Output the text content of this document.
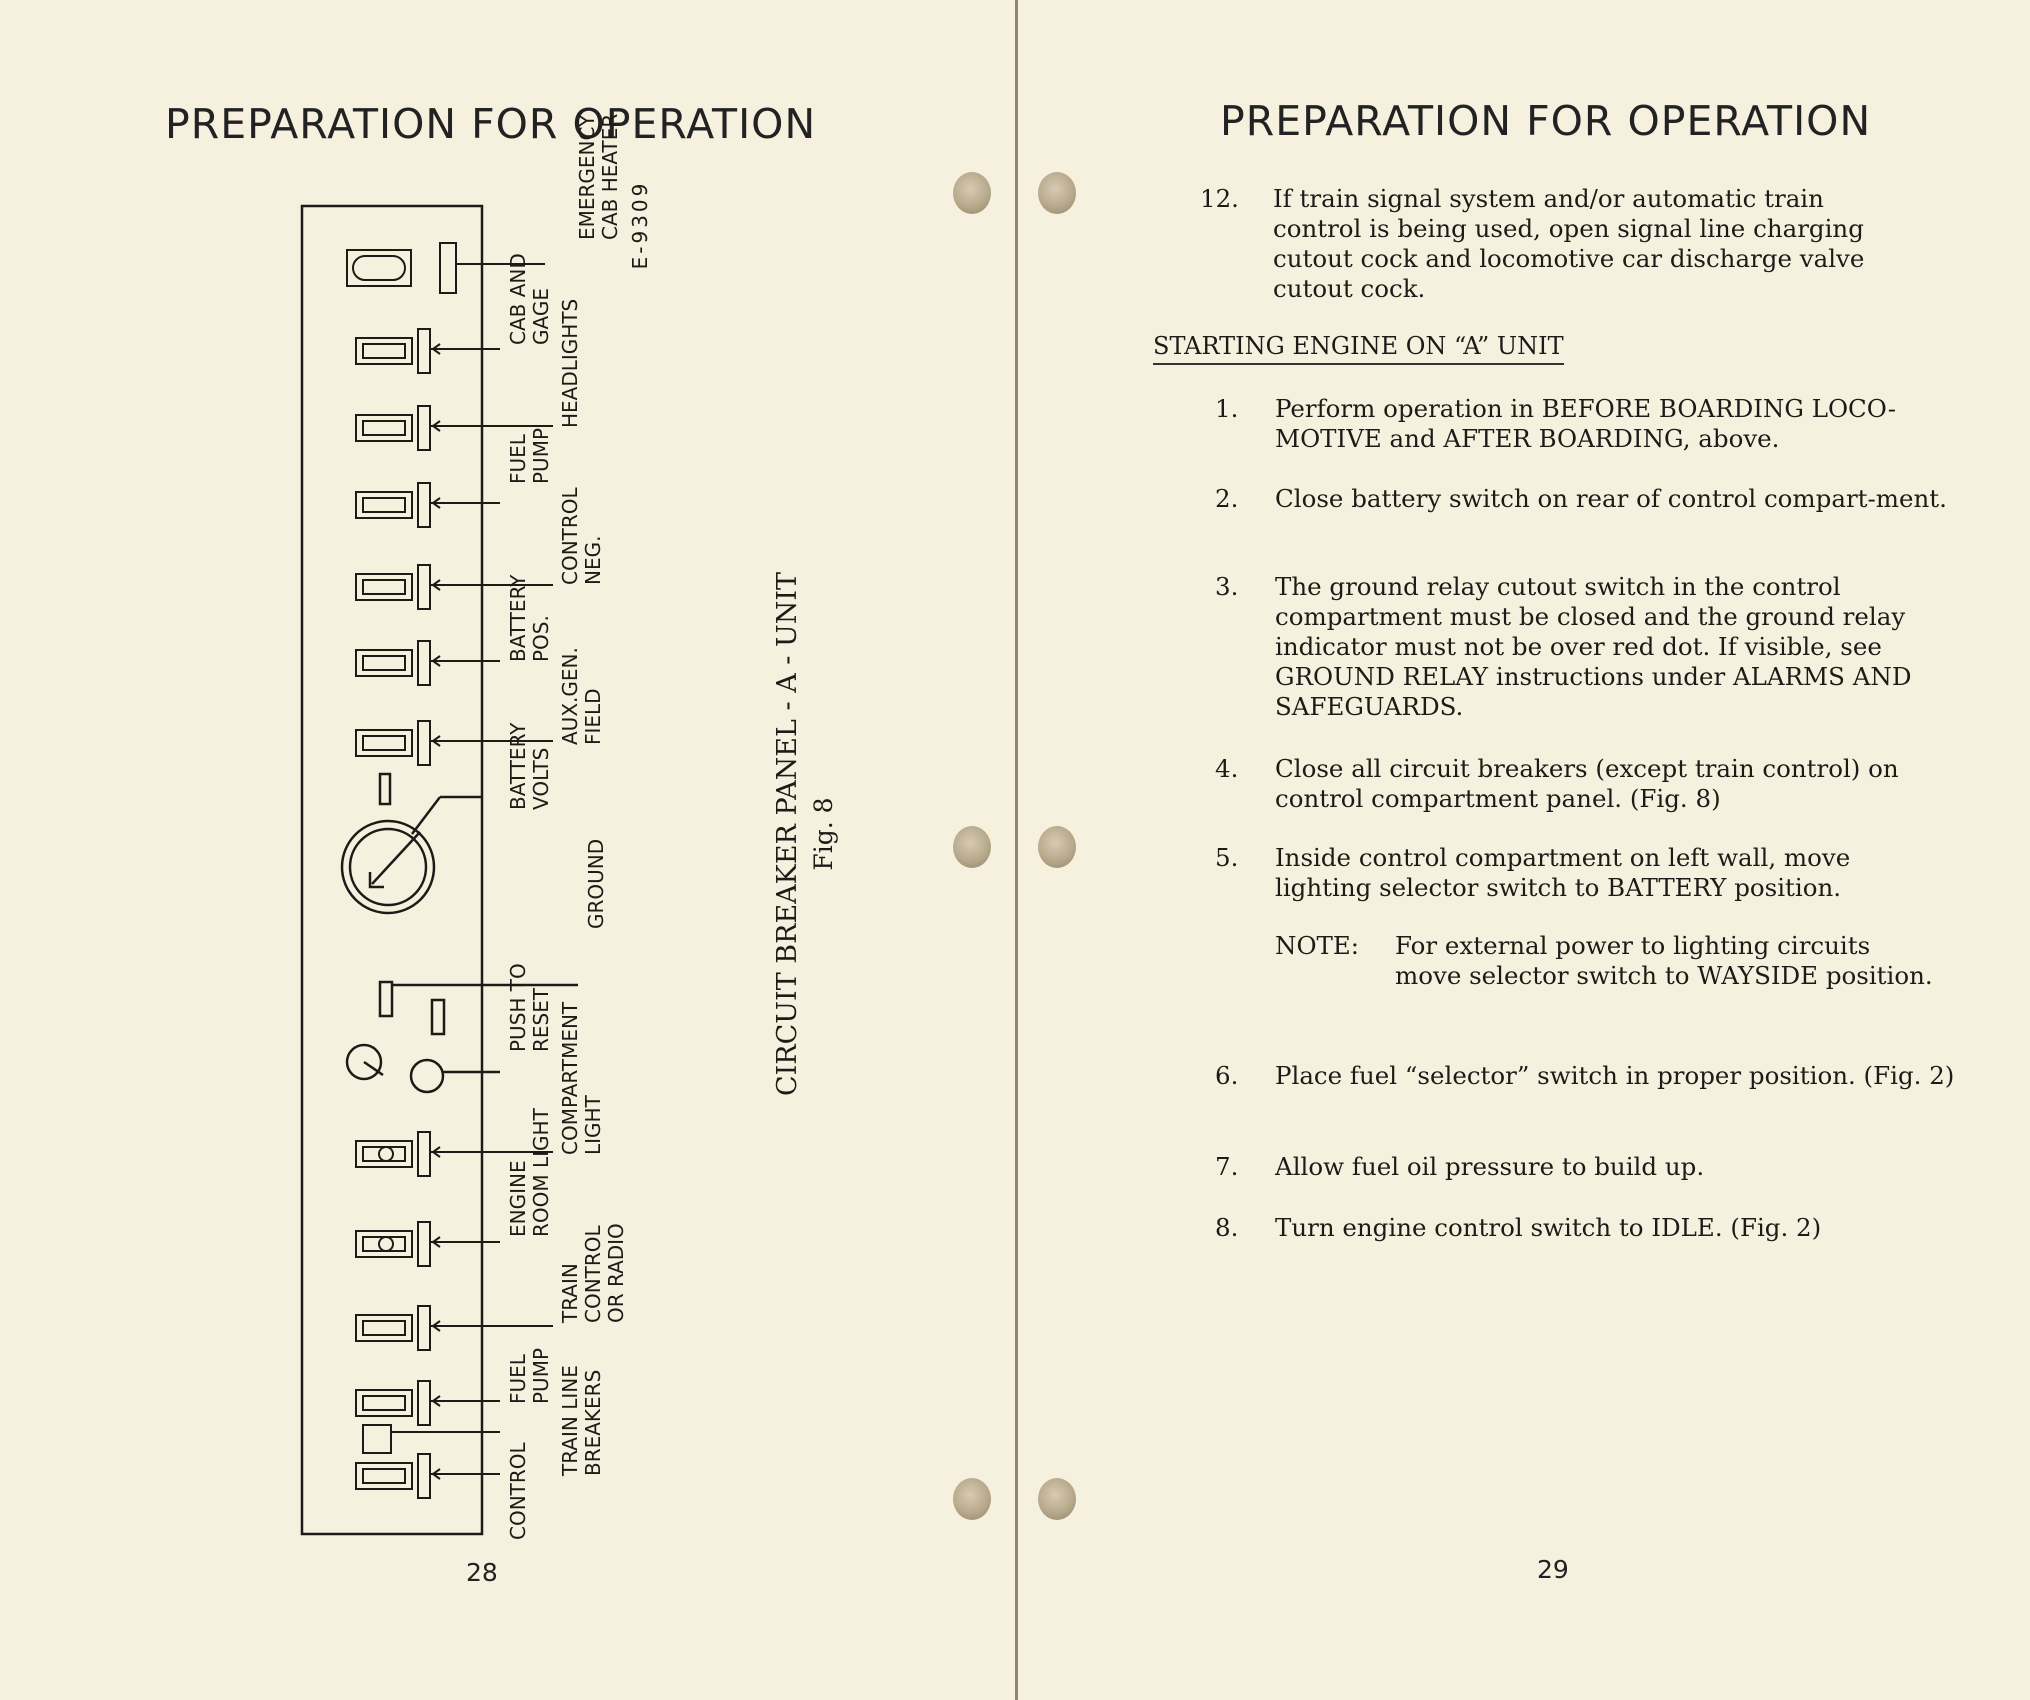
PREPARATION FOR OPERATION
EMERGENCY CAB HEATER
CAB AND GAGE HEADLIGHTS
FUEL PUMP
CONTROL NEG.
BATTERY POS.
AUX.GEN. FIELD
BATTERY VOLTS
GROUND
PUSH TO RESET COMPARTMENT LIGHT
ENGINE ROOM LIGHT
TRAIN CONTROL OR RADIO
FUEL PUMP TRAIN LINE BREAKERS
CONTROL
CIRCUIT BREAKER PANEL - A - UNIT Fig. 8
E-9309
28
PREPARATION FOR OPERATION
12. If train signal system and/or automatic train control is being used, open signal line charging cutout cock and locomotive car discharge valve cutout cock.
STARTING ENGINE ON “A” UNIT
1. Perform operation in BEFORE BOARDING LOCO-MOTIVE and AFTER BOARDING, above.
2. Close battery switch on rear of control compart-ment.
3. The ground relay cutout switch in the control compartment must be closed and the ground relay indicator must not be over red dot. If visible, see GROUND RELAY instructions under ALARMS AND SAFEGUARDS.
4. Close all circuit breakers (except train control) on control compartment panel. (Fig. 8)
5. Inside control compartment on left wall, move lighting selector switch to BATTERY position.
NOTE: For external power to lighting circuits move selector switch to WAYSIDE position.
6. Place fuel “selector” switch in proper position. (Fig. 2)
7. Allow fuel oil pressure to build up.
8. Turn engine control switch to IDLE. (Fig. 2)
29
